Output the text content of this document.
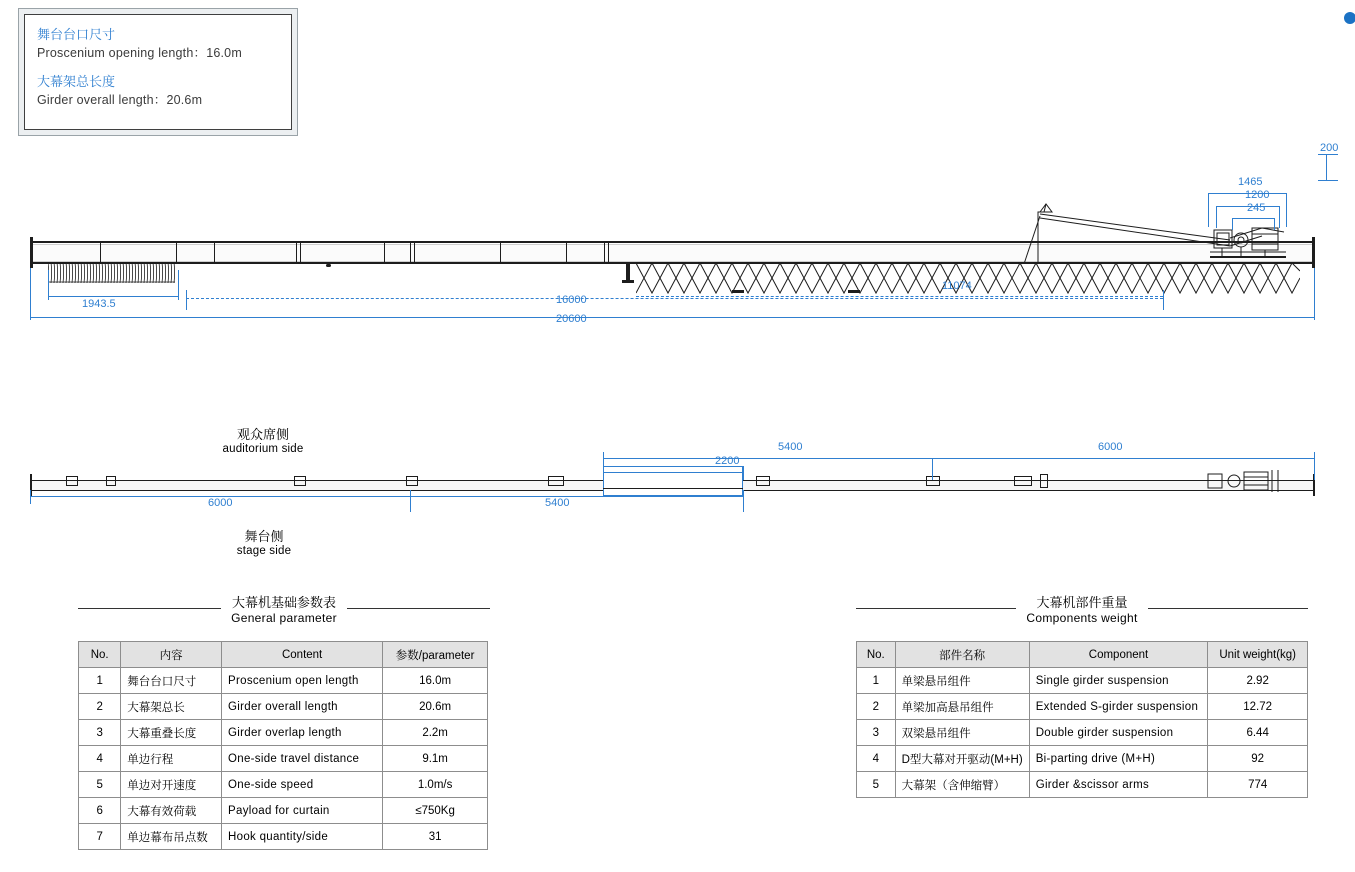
舞台台口尺寸
Proscenium opening length：16.0m
大幕架总长度
Girder overall length：20.6m
1943.5	16000
20600
11074
1465
1200
245
200
观众席侧
auditorium side
舞台侧
stage side
6000
5400
2200
6000	5400
大幕机基础参数表
General parameter
No.	内容	Content	参数/parameter
1	舞台台口尺寸	Proscenium open length	16.0m
2	大幕架总长	Girder overall length	20.6m
3	大幕重叠长度	Girder overlap length	2.2m
4	单边行程	One-side travel distance	9.1m
5	单边对开速度	One-side speed	1.0m/s
6	大幕有效荷载	Payload for curtain	≤750Kg
7	单边幕布吊点数	Hook quantity/side	31
大幕机部件重量
Components weight
No.	部件名称	Component	Unit weight(kg)
1	单梁悬吊组件	Single girder suspension	2.92
2	单梁加高悬吊组件	Extended S-girder suspension	12.72
3	双梁悬吊组件	Double girder suspension	6.44
4	D型大幕对开驱动(M+H)	Bi-parting drive (M+H)	92
5	大幕架（含伸缩臂）	Girder &scissor arms	774
